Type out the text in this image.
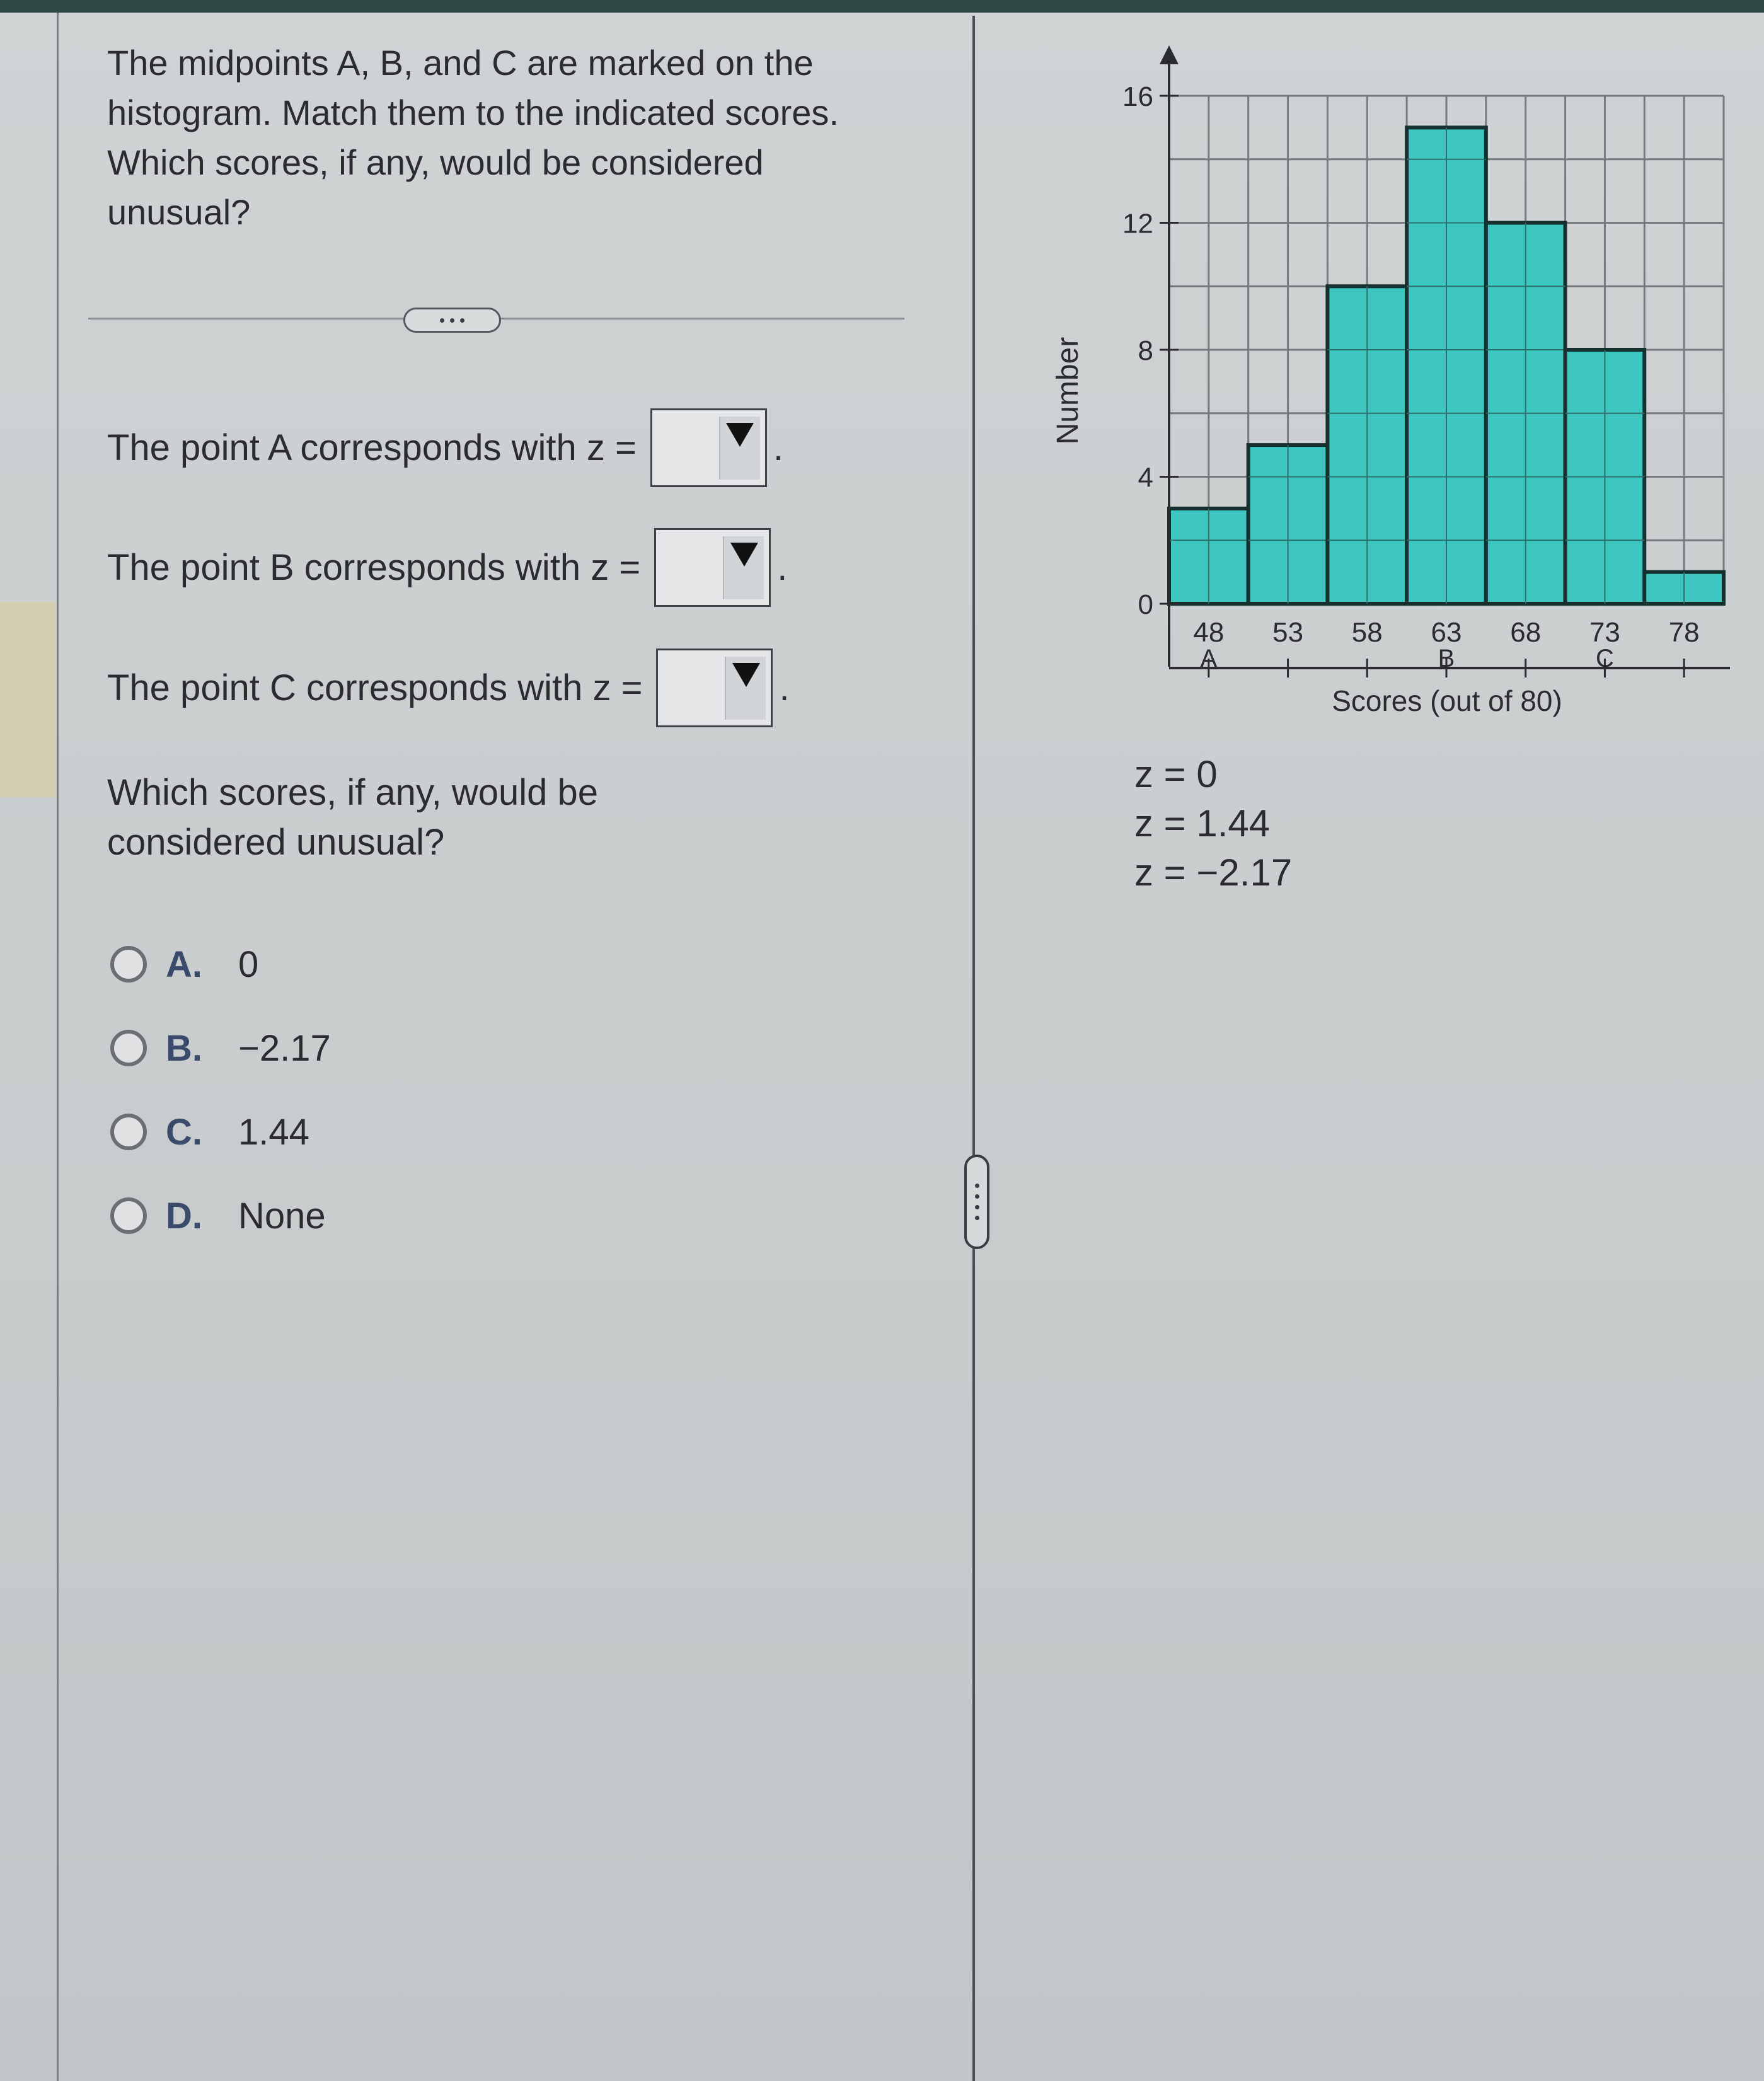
The midpoints A, B, and C are marked on the histogram. Match them to the indicated scores. Which scores, if any, would be considered unusual?
The point A corresponds with z =	.
The point B corresponds with z =	.
The point C corresponds with z =	.
Which scores, if any, would be considered unusual?
A. 0
B. −2.17
C. 1.44
D. None
0
4
8
12
16
48 53 58 63 68 73 78
A	B	C
Number
Scores (out of 80)
z = 0
z = 1.44
z = −2.17
